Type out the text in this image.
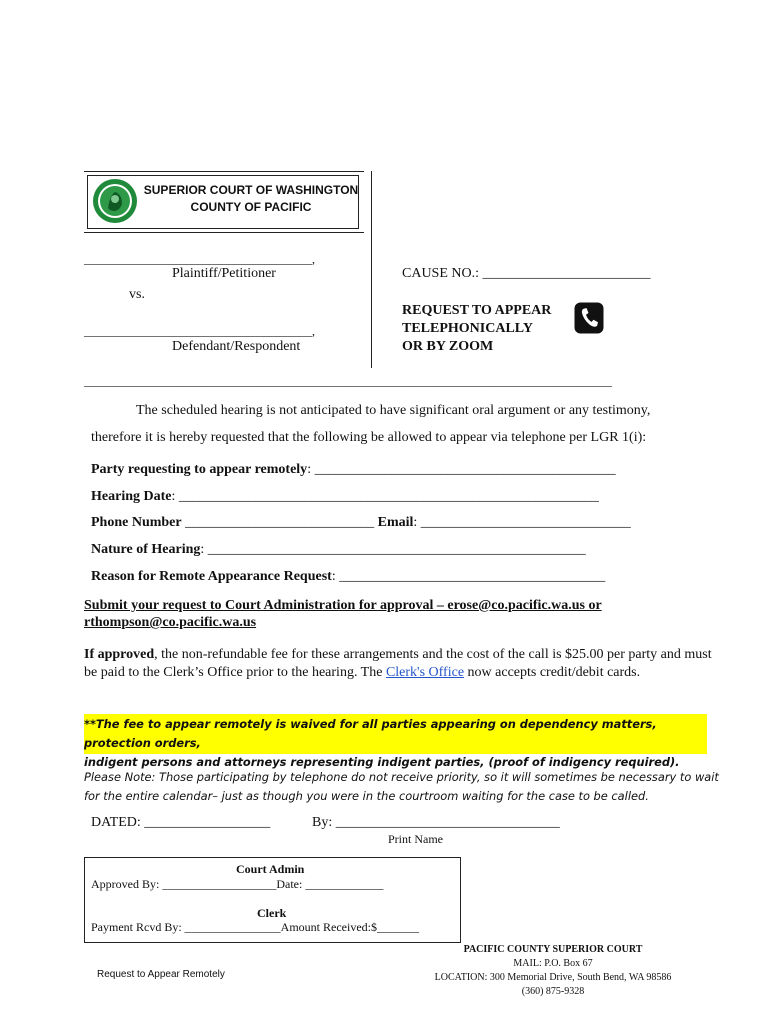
SUPERIOR COURT OF WASHINGTON
COUNTY OF PACIFIC
______________________________________,
Plaintiff/Petitioner
vs.
______________________________________,
Defendant/Respondent
CAUSE NO.: ________________________
REQUEST TO APPEAR
TELEPHONICALLY
OR BY ZOOM
___________________________________________________________________________________________
The scheduled hearing is not anticipated to have significant oral argument or any testimony,
therefore it is hereby requested that the following be allowed to appear via telephone per LGR 1(i):
Party requesting to appear remotely: ___________________________________________
Hearing Date: ____________________________________________________________
Phone Number ___________________________ Email: ______________________________
Nature of Hearing: ______________________________________________________
Reason for Remote Appearance Request: ______________________________________
Submit your request to Court Administration for approval – erose@co.pacific.wa.us or
rthompson@co.pacific.wa.us
If approved, the non-refundable fee for these arrangements and the cost of the call is $25.00 per party and must be paid to the Clerk’s Office prior to the hearing. The Clerk's Office now accepts credit/debit cards.
**The fee to appear remotely is waived for all parties appearing on dependency matters, protection orders,
indigent persons and attorneys representing indigent parties, (proof of indigency required).
Please Note: Those participating by telephone do not receive priority, so it will sometimes be necessary to wait
for the entire calendar– just as though you were in the courtroom waiting for the case to be called.
DATED: __________________	By: ________________________________
Print Name
Court Admin
Approved By: ___________________Date: _____________
Clerk
Payment Rcvd By: ________________Amount Received:$_______
Request to Appear Remotely
PACIFIC COUNTY SUPERIOR COURT
MAIL: P.O. Box 67
LOCATION: 300 Memorial Drive, South Bend, WA 98586
(360) 875-9328
